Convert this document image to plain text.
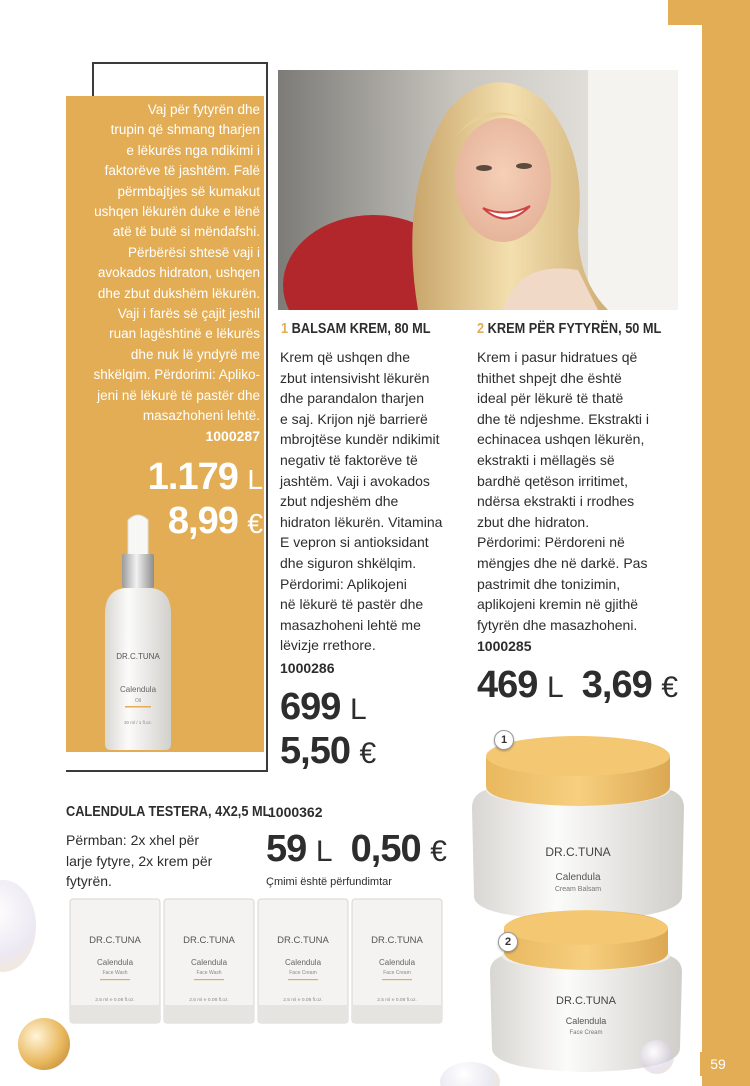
59
VAJI I KUMAKUT, 30 ML
Vaj për fytyrën dhe
trupin që shmang tharjen
e lëkurës nga ndikimi i
faktorëve të jashtëm. Falë
përmbajtjes së kumakut
ushqen lëkurën duke e lënë
atë të butë si mëndafshi.
Përbërësi shtesë vaji i
avokados hidraton, ushqen
dhe zbut dukshëm lëkurën.
Vaji i farës së çajit jeshil
ruan lagështinë e lëkurës
dhe nuk lë yndyrë me
shkëlqim. Përdorimi: Apliko-
jeni në lëkurë të pastër dhe
masazhoheni lehtë.
1000287
1.179 L
8,99 €
DR.C.TUNA
Calendula
Oil
30 ml / 1 fl.oz.
1 BALSAM KREM, 80 ML
Krem që ushqen dhe
zbut intensivisht lëkurën
dhe parandalon tharjen
e saj. Krijon një barrierë
mbrojtëse kundër ndikimit
negativ të faktorëve të
jashtëm. Vaji i avokados
zbut ndjeshëm dhe
hidraton lëkurën. Vitamina
E vepron si antioksidant
dhe siguron shkëlqim.
Përdorimi: Aplikojeni
në lëkurë të pastër dhe
masazhoheni lehtë me
lëvizje rrethore.
1000286
699 L
5,50 €
2 KREM PËR FYTYRËN, 50 ML
Krem i pasur hidratues që
thithet shpejt dhe është
ideal për lëkurë të thatë
dhe të ndjeshme. Ekstrakti i
echinacea ushqen lëkurën,
ekstrakti i mëllagës së
bardhë qetëson irritimet,
ndërsa ekstrakti i rrodhes
zbut dhe hidraton.
Përdorimi: Përdoreni në
mëngjes dhe në darkë. Pas
pastrimit dhe tonizimin,
aplikojeni kremin në gjithë
fytyrën dhe masazhoheni.
1000285
469 L 3,69 €
CALENDULA TESTERA, 4X2,5 ML
1000362
Përmban: 2x xhel për
larje fytyre, 2x krem për
fytyrën.
59 L 0,50 €
Çmimi është përfundimtar
DR.C.TUNA
Calendula
Face Wash
2.5 ml ℮ 0.08 fl.oz.
DR.C.TUNA
Calendula
Face Wash
2.5 ml ℮ 0.08 fl.oz.
DR.C.TUNA
Calendula
Face Cream
2.5 ml ℮ 0.08 fl.oz.
DR.C.TUNA
Calendula
Face Cream
2.5 ml ℮ 0.08 fl.oz.
DR.C.TUNA
Calendula
Cream Balsam
1
DR.C.TUNA
Calendula
Face Cream
2
